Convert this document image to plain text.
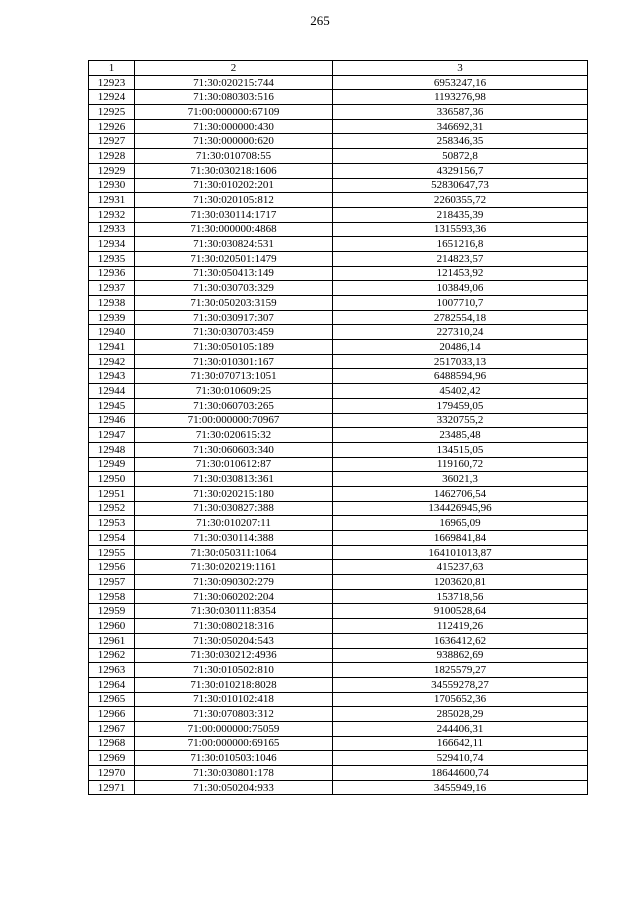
265
1	2	3
12923	71:30:020215:744	6953247,16
12924	71:30:080303:516	1193276,98
12925	71:00:000000:67109	336587,36
12926	71:30:000000:430	346692,31
12927	71:30:000000:620	258346,35
12928	71:30:010708:55	50872,8
12929	71:30:030218:1606	4329156,7
12930	71:30:010202:201	52830647,73
12931	71:30:020105:812	2260355,72
12932	71:30:030114:1717	218435,39
12933	71:30:000000:4868	1315593,36
12934	71:30:030824:531	1651216,8
12935	71:30:020501:1479	214823,57
12936	71:30:050413:149	121453,92
12937	71:30:030703:329	103849,06
12938	71:30:050203:3159	1007710,7
12939	71:30:030917:307	2782554,18
12940	71:30:030703:459	227310,24
12941	71:30:050105:189	20486,14
12942	71:30:010301:167	2517033,13
12943	71:30:070713:1051	6488594,96
12944	71:30:010609:25	45402,42
12945	71:30:060703:265	179459,05
12946	71:00:000000:70967	3320755,2
12947	71:30:020615:32	23485,48
12948	71:30:060603:340	134515,05
12949	71:30:010612:87	119160,72
12950	71:30:030813:361	36021,3
12951	71:30:020215:180	1462706,54
12952	71:30:030827:388	134426945,96
12953	71:30:010207:11	16965,09
12954	71:30:030114:388	1669841,84
12955	71:30:050311:1064	164101013,87
12956	71:30:020219:1161	415237,63
12957	71:30:090302:279	1203620,81
12958	71:30:060202:204	153718,56
12959	71:30:030111:8354	9100528,64
12960	71:30:080218:316	112419,26
12961	71:30:050204:543	1636412,62
12962	71:30:030212:4936	938862,69
12963	71:30:010502:810	1825579,27
12964	71:30:010218:8028	34559278,27
12965	71:30:010102:418	1705652,36
12966	71:30:070803:312	285028,29
12967	71:00:000000:75059	244406,31
12968	71:00:000000:69165	166642,11
12969	71:30:010503:1046	529410,74
12970	71:30:030801:178	18644600,74
12971	71:30:050204:933	3455949,16
